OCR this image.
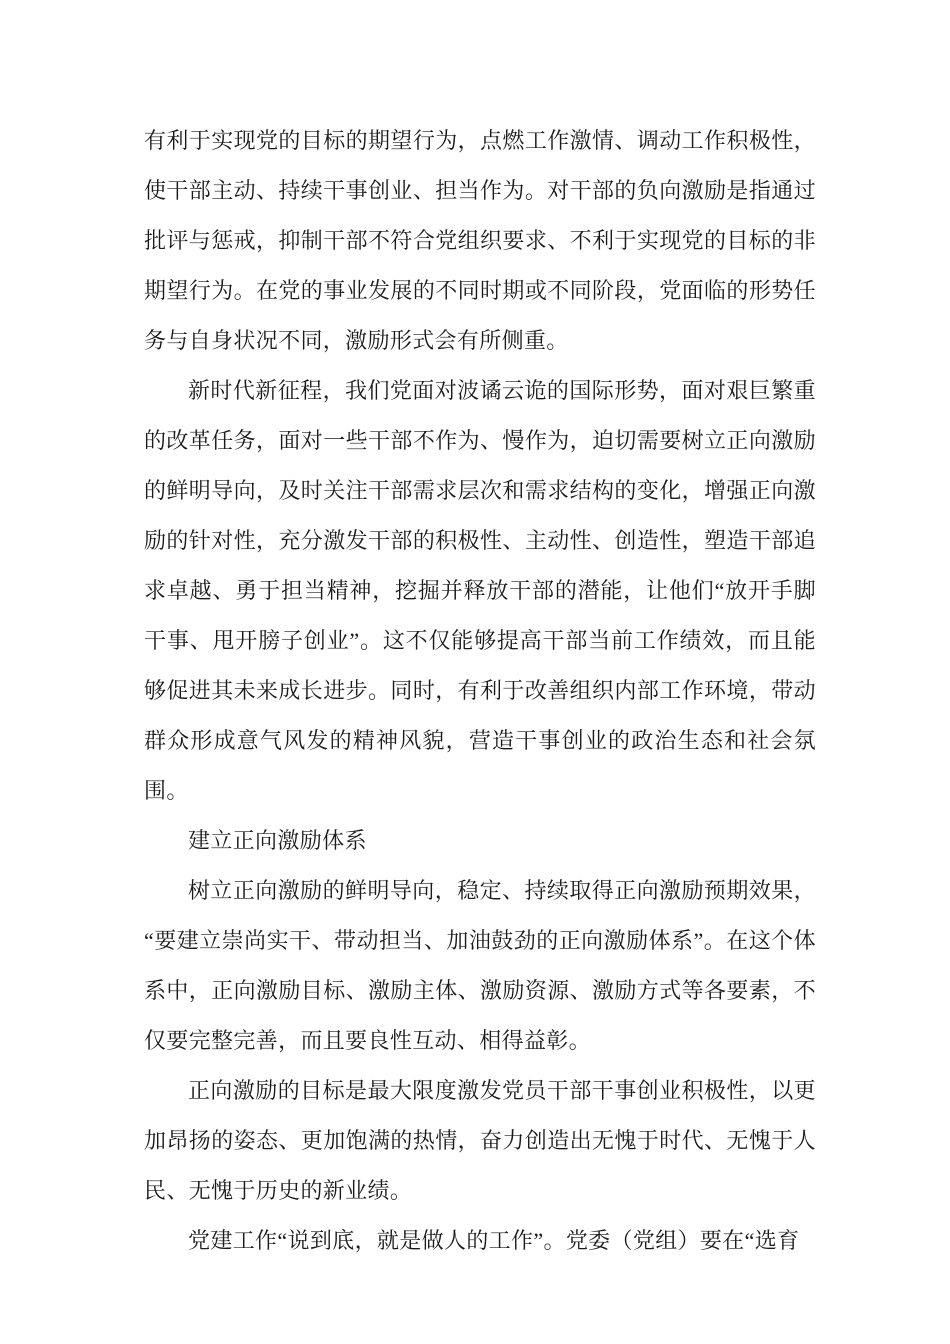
有利于实现党的目标的期望行为，点燃工作激情、调动工作积极性，使干部主动、持续干事创业、担当作为。对干部的负向激励是指通过批评与惩戒，抑制干部不符合党组织要求、不利于实现党的目标的非期望行为。在党的事业发展的不同时期或不同阶段，党面临的形势任务与自身状况不同，激励形式会有所侧重。

新时代新征程，我们党面对波谲云诡的国际形势，面对艰巨繁重的改革任务，面对一些干部不作为、慢作为，迫切需要树立正向激励的鲜明导向，及时关注干部需求层次和需求结构的变化，增强正向激励的针对性，充分激发干部的积极性、主动性、创造性，塑造干部追求卓越、勇于担当精神，挖掘并释放干部的潜能，让他们“放开手脚干事、甩开膀子创业”。这不仅能够提高干部当前工作绩效，而且能够促进其未来成长进步。同时，有利于改善组织内部工作环境，带动群众形成意气风发的精神风貌，营造干事创业的政治生态和社会氛围。

建立正向激励体系

树立正向激励的鲜明导向，稳定、持续取得正向激励预期效果，“要建立崇尚实干、带动担当、加油鼓劲的正向激励体系”。在这个体系中，正向激励目标、激励主体、激励资源、激励方式等各要素，不仅要完整完善，而且要良性互动、相得益彰。

正向激励的目标是最大限度激发党员干部干事创业积极性，以更加昂扬的姿态、更加饱满的热情，奋力创造出无愧于时代、无愧于人民、无愧于历史的新业绩。

党建工作“说到底，就是做人的工作”。党委（党组）要在“选育
